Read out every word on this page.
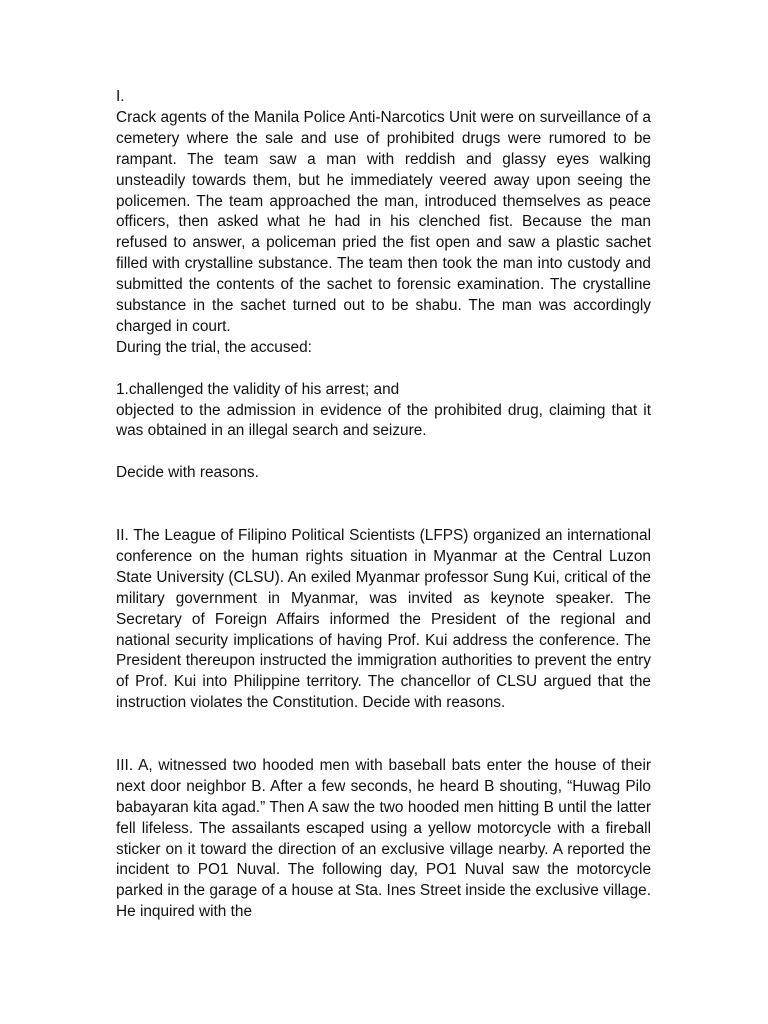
I.

Crack agents of the Manila Police Anti-Narcotics Unit were on surveillance of a cemetery where the sale and use of prohibited drugs were rumored to be rampant. The team saw a man with reddish and glassy eyes walking unsteadily towards them, but he immediately veered away upon seeing the policemen. The team approached the man, introduced themselves as peace officers, then asked what he had in his clenched fist. Because the man refused to answer, a policeman pried the fist open and saw a plastic sachet filled with crystalline substance. The team then took the man into custody and submitted the contents of the sachet to forensic examination. The crystalline substance in the sachet turned out to be shabu. The man was accordingly charged in court.

During the trial, the accused:

1.challenged the validity of his arrest; and

objected to the admission in evidence of the prohibited drug, claiming that it was obtained in an illegal search and seizure.

Decide with reasons.

II. The League of Filipino Political Scientists (LFPS) organized an international conference on the human rights situation in Myanmar at the Central Luzon State University (CLSU). An exiled Myanmar professor Sung Kui, critical of the military government in Myanmar, was invited as keynote speaker. The Secretary of Foreign Affairs informed the President of the regional and national security implications of having Prof. Kui address the conference. The President thereupon instructed the immigration authorities to prevent the entry of Prof. Kui into Philippine territory. The chancellor of CLSU argued that the instruction violates the Constitution. Decide with reasons.

III. A, witnessed two hooded men with baseball bats enter the house of their next door neighbor B. After a few seconds, he heard B shouting, “Huwag Pilo babayaran kita agad.” Then A saw the two hooded men hitting B until the latter fell lifeless. The assailants escaped using a yellow motorcycle with a fireball sticker on it toward the direction of an exclusive village nearby. A reported the incident to PO1 Nuval. The following day, PO1 Nuval saw the motorcycle parked in the garage of a house at Sta. Ines Street inside the exclusive village. He inquired with the
